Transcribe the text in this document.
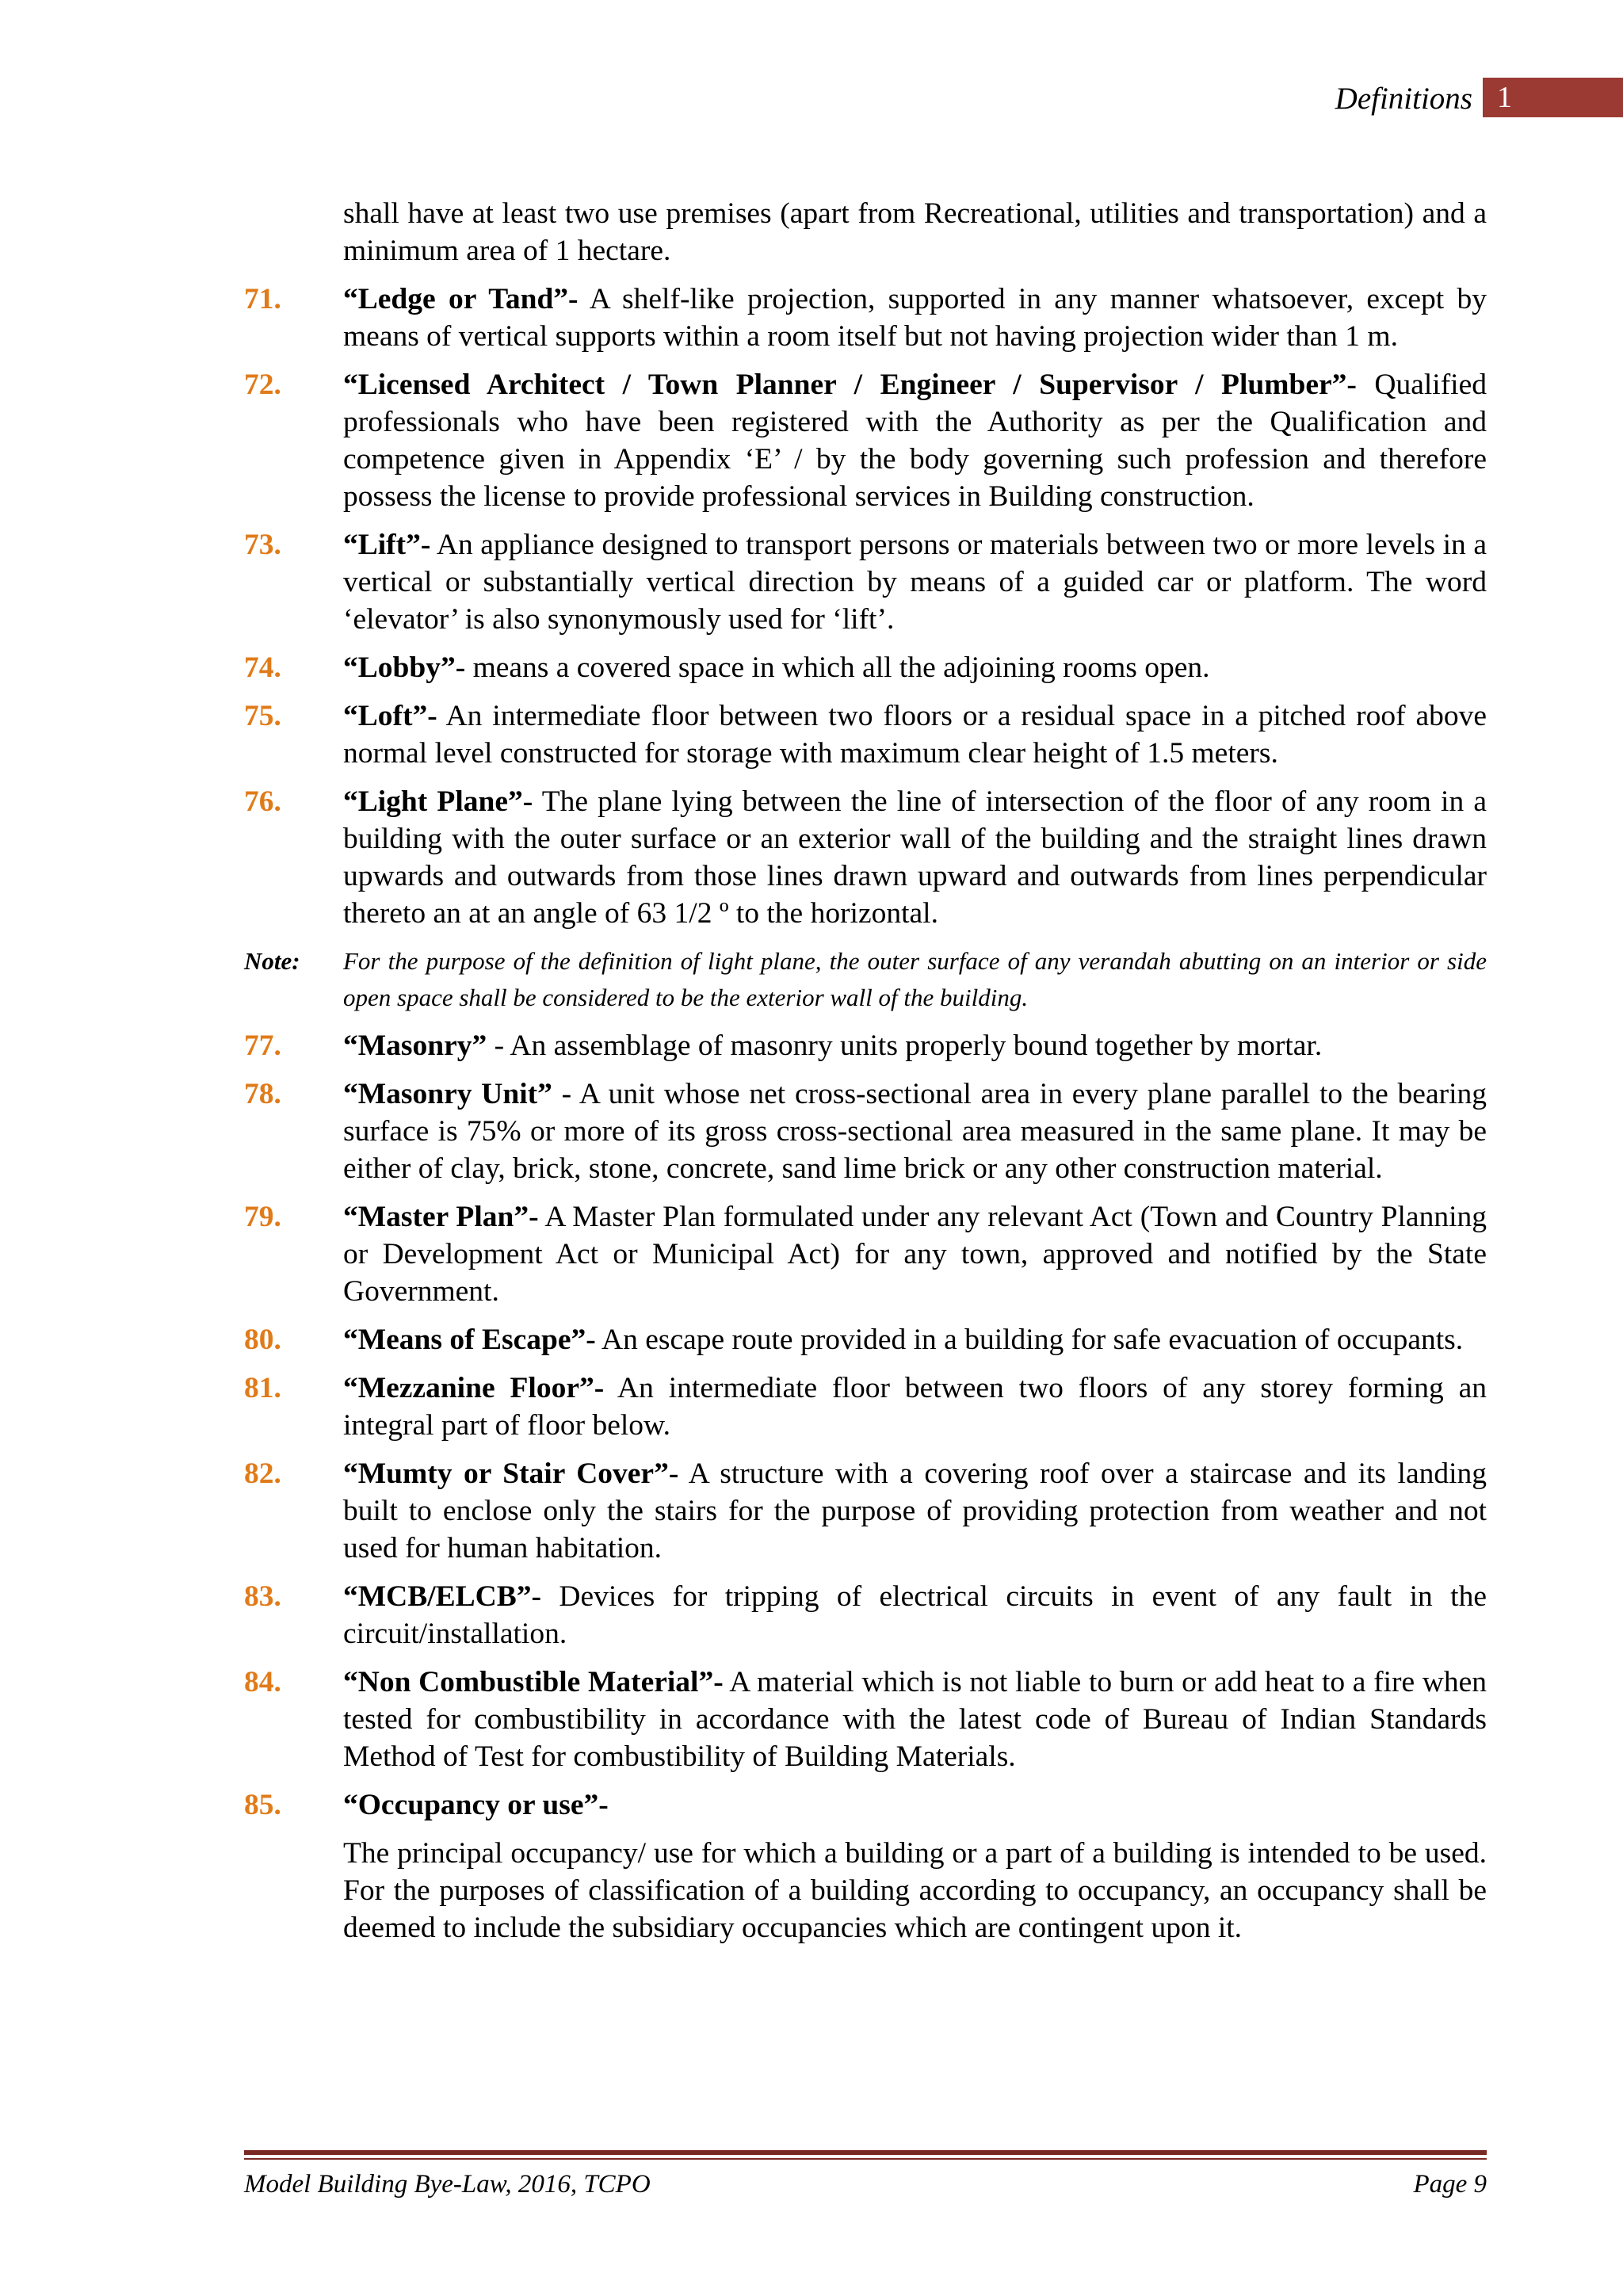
Definitions 1

shall have at least two use premises (apart from Recreational, utilities and transportation) and a minimum area of 1 hectare.

71. “Ledge or Tand”- A shelf-like projection, supported in any manner whatsoever, except by means of vertical supports within a room itself but not having projection wider than 1 m.
72. “Licensed Architect / Town Planner / Engineer / Supervisor / Plumber”- Qualified professionals who have been registered with the Authority as per the Qualification and competence given in Appendix ‘E’ / by the body governing such profession and therefore possess the license to provide professional services in Building construction.
73. “Lift”- An appliance designed to transport persons or materials between two or more levels in a vertical or substantially vertical direction by means of a guided car or platform. The word ‘elevator’ is also synonymously used for ‘lift’.
74. “Lobby”- means a covered space in which all the adjoining rooms open.
75. “Loft”- An intermediate floor between two floors or a residual space in a pitched roof above normal level constructed for storage with maximum clear height of 1.5 meters.
76. “Light Plane”- The plane lying between the line of intersection of the floor of any room in a building with the outer surface or an exterior wall of the building and the straight lines drawn upwards and outwards from those lines drawn upward and outwards from lines perpendicular thereto an at an angle of 63 1/2 º to the horizontal.
Note: For the purpose of the definition of light plane, the outer surface of any verandah abutting on an interior or side open space shall be considered to be the exterior wall of the building.
77. “Masonry” - An assemblage of masonry units properly bound together by mortar.
78. “Masonry Unit” - A unit whose net cross-sectional area in every plane parallel to the bearing surface is 75% or more of its gross cross-sectional area measured in the same plane. It may be either of clay, brick, stone, concrete, sand lime brick or any other construction material.
79. “Master Plan”- A Master Plan formulated under any relevant Act (Town and Country Planning or Development Act or Municipal Act) for any town, approved and notified by the State Government.
80. “Means of Escape”- An escape route provided in a building for safe evacuation of occupants.
81. “Mezzanine Floor”- An intermediate floor between two floors of any storey forming an integral part of floor below.
82. “Mumty or Stair Cover”- A structure with a covering roof over a staircase and its landing built to enclose only the stairs for the purpose of providing protection from weather and not used for human habitation.
83. “MCB/ELCB”- Devices for tripping of electrical circuits in event of any fault in the circuit/installation.
84. “Non Combustible Material”- A material which is not liable to burn or add heat to a fire when tested for combustibility in accordance with the latest code of Bureau of Indian Standards Method of Test for combustibility of Building Materials.
85. “Occupancy or use”-

The principal occupancy/ use for which a building or a part of a building is intended to be used. For the purposes of classification of a building according to occupancy, an occupancy shall be deemed to include the subsidiary occupancies which are contingent upon it.

Model Building Bye-Law, 2016, TCPO	Page 9
